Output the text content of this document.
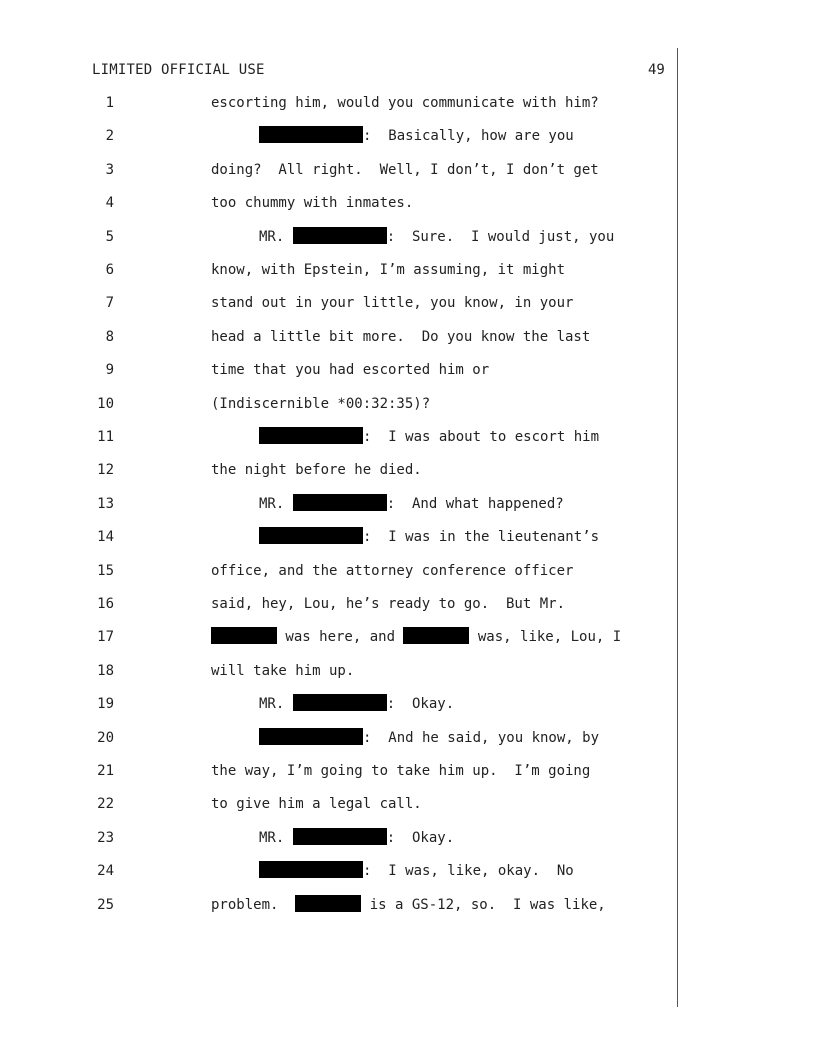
LIMITED OFFICIAL USE	49
1	escorting him, would you communicate with him?
2	:  Basically, how are you
3	doing?  All right.  Well, I don’t, I don’t get
4	too chummy with inmates.
5	MR.	:  Sure.  I would just, you
6	know, with Epstein, I’m assuming, it might
7	stand out in your little, you know, in your
8	head a little bit more.  Do you know the last
9	time that you had escorted him or
10	(Indiscernible *00:32:35)?
11	:  I was about to escort him
12	the night before he died.
13	MR.	:  And what happened?
14	:  I was in the lieutenant’s
15	office, and the attorney conference officer
16	said, hey, Lou, he’s ready to go.  But Mr.
17	was here, and	was, like, Lou, I
18	will take him up.
19	MR.	:  Okay.
20	:  And he said, you know, by
21	the way, I’m going to take him up.  I’m going
22	to give him a legal call.
23	MR.	:  Okay.
24	:  I was, like, okay.  No
25	problem.	is a GS-12, so.  I was like,
